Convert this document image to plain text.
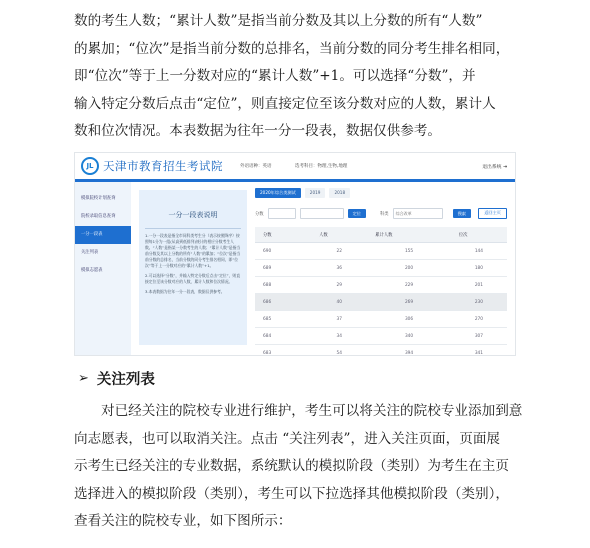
数的考生人数；“累计人数”是指当前分数及其以上分数的所有“人数”
的累加；“位次”是指当前分数的总排名，当前分数的同分考生排名相同，
即“位次”等于上一分数对应的“累计人数”+1。可以选择“分数”，并
输入特定分数后点击“定位”，则直接定位至该分数对应的人数，累计人
数和位次情况。本表数据为往年一分一段表，数据仅供参考。
JL 天津市教育招生考试院	外语语种：英语	选考科目：物理,生物,地理	退出系统 ⇥
模拟院校计划查询
院校录取信息查询
一分一段表
关注列表
模拟志愿表
一分一段表说明

1.一分一段表是指全市同科类考生分（表示按照降序）按照每1分为一组(从高到低排列)统计的相应分数考生人数。“人数”是指某一分数考生的人数；“累计人数”是指当前分数及其以上分数的所有“人数”的累加；“位次”是指当前分数的总排名，当前分数的同分考生排名相同，即“位次”等于上一分数对应的“累计人数”+1。

2.可以选择“分数”，并输入特定分数后点击“定位”，则直接定位至该分数对应的人数，累计人数和位次情况。

3.本表数据为往年一分一段表，数据仅供参考。

2020年综合类测试	2019	2018
分数	定位	科类	综合改革	搜索	返回主页
分数	人数	累计人数	位次
690	22	155	144
689	36	200	180
688	29	229	201
686	40	269	230
685	37	306	270
684	34	340	307
683	54	394	341
➢ 关注列表
对已经关注的院校专业进行维护，考生可以将关注的院校专业添加到意
向志愿表，也可以取消关注。点击 “关注列表”，进入关注页面，页面展
示考生已经关注的专业数据，系统默认的模拟阶段（类别）为考生在主页
选择进入的模拟阶段（类别），考生可以下拉选择其他模拟阶段（类别），
查看关注的院校专业，如下图所示：
